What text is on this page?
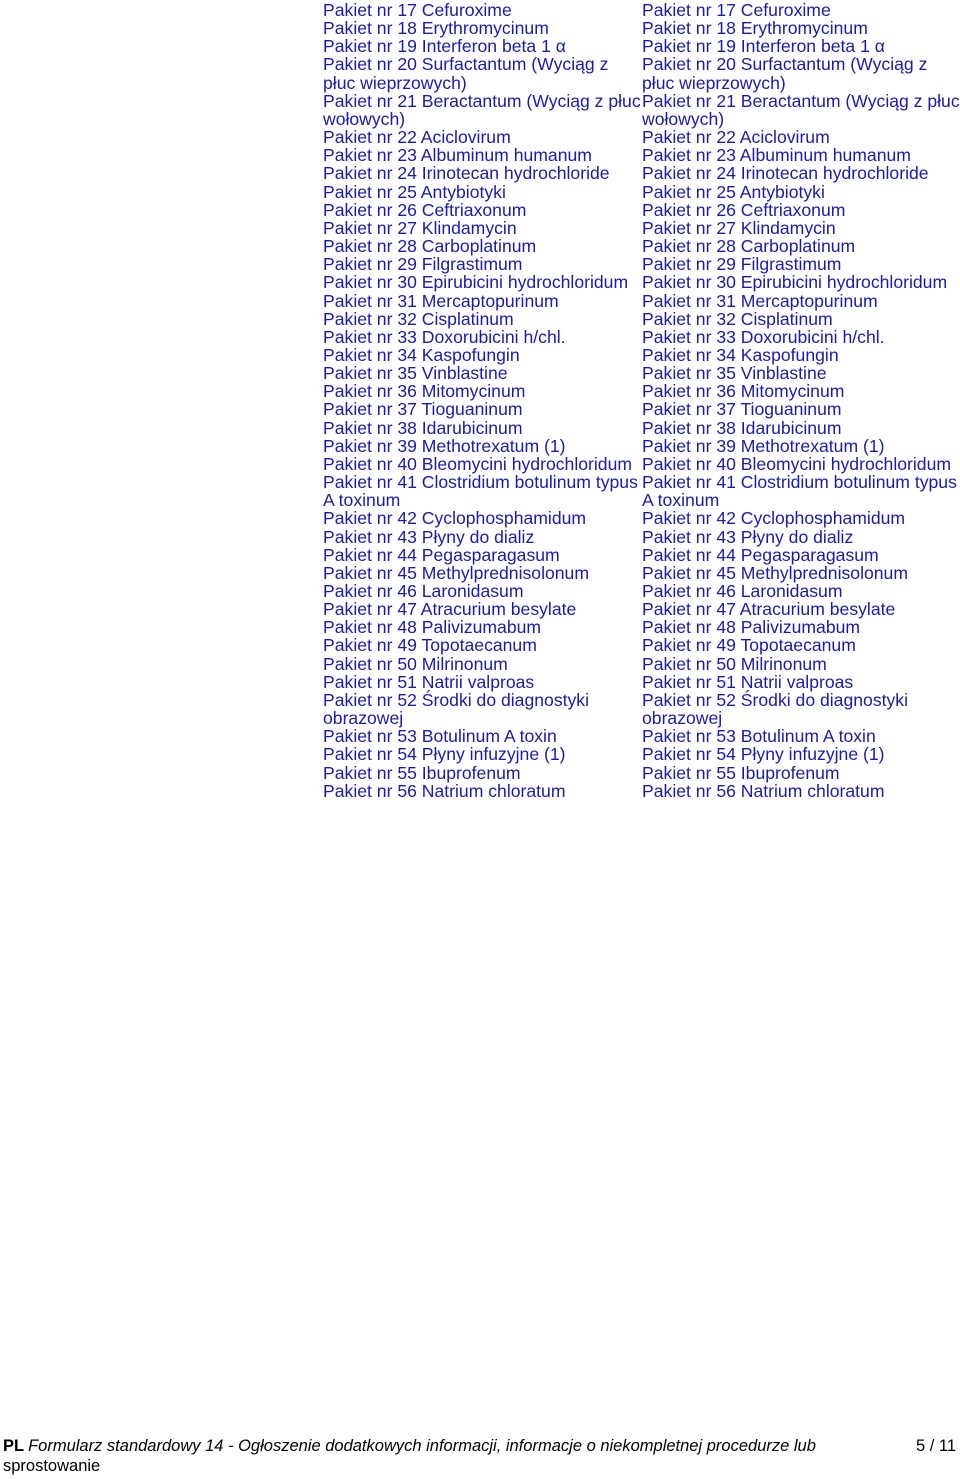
Pakiet nr 17 Cefuroxime
Pakiet nr 18 Erythromycinum
Pakiet nr 19 Interferon beta 1 α
Pakiet nr 20 Surfactantum (Wyciąg z płuc wieprzowych)
Pakiet nr 21 Beractantum (Wyciąg z płuc wołowych)
Pakiet nr 22 Aciclovirum
Pakiet nr 23 Albuminum humanum
Pakiet nr 24 Irinotecan hydrochloride
Pakiet nr 25 Antybiotyki
Pakiet nr 26 Ceftriaxonum
Pakiet nr 27 Klindamycin
Pakiet nr 28 Carboplatinum
Pakiet nr 29 Filgrastimum
Pakiet nr 30 Epirubicini hydrochloridum
Pakiet nr 31 Mercaptopurinum
Pakiet nr 32 Cisplatinum
Pakiet nr 33 Doxorubicini h/chl.
Pakiet nr 34 Kaspofungin
Pakiet nr 35 Vinblastine
Pakiet nr 36 Mitomycinum
Pakiet nr 37 Tioguaninum
Pakiet nr 38 Idarubicinum
Pakiet nr 39 Methotrexatum (1)
Pakiet nr 40 Bleomycini hydrochloridum
Pakiet nr 41 Clostridium botulinum typus A toxinum
Pakiet nr 42 Cyclophosphamidum
Pakiet nr 43 Płyny do dializ
Pakiet nr 44 Pegasparagasum
Pakiet nr 45 Methylprednisolonum
Pakiet nr 46 Laronidasum
Pakiet nr 47 Atracurium besylate
Pakiet nr 48 Palivizumabum
Pakiet nr 49 Topotaecanum
Pakiet nr 50 Milrinonum
Pakiet nr 51 Natrii valproas
Pakiet nr 52 Środki do diagnostyki obrazowej
Pakiet nr 53 Botulinum A toxin
Pakiet nr 54 Płyny infuzyjne (1)
Pakiet nr 55 Ibuprofenum
Pakiet nr 56 Natrium chloratum
Pakiet nr 17 Cefuroxime
Pakiet nr 18 Erythromycinum
Pakiet nr 19 Interferon beta 1 α
Pakiet nr 20 Surfactantum (Wyciąg z płuc wieprzowych)
Pakiet nr 21 Beractantum (Wyciąg z płuc wołowych)
Pakiet nr 22 Aciclovirum
Pakiet nr 23 Albuminum humanum
Pakiet nr 24 Irinotecan hydrochloride
Pakiet nr 25 Antybiotyki
Pakiet nr 26 Ceftriaxonum
Pakiet nr 27 Klindamycin
Pakiet nr 28 Carboplatinum
Pakiet nr 29 Filgrastimum
Pakiet nr 30 Epirubicini hydrochloridum
Pakiet nr 31 Mercaptopurinum
Pakiet nr 32 Cisplatinum
Pakiet nr 33 Doxorubicini h/chl.
Pakiet nr 34 Kaspofungin
Pakiet nr 35 Vinblastine
Pakiet nr 36 Mitomycinum
Pakiet nr 37 Tioguaninum
Pakiet nr 38 Idarubicinum
Pakiet nr 39 Methotrexatum (1)
Pakiet nr 40 Bleomycini hydrochloridum
Pakiet nr 41 Clostridium botulinum typus A toxinum
Pakiet nr 42 Cyclophosphamidum
Pakiet nr 43 Płyny do dializ
Pakiet nr 44 Pegasparagasum
Pakiet nr 45 Methylprednisolonum
Pakiet nr 46 Laronidasum
Pakiet nr 47 Atracurium besylate
Pakiet nr 48 Palivizumabum
Pakiet nr 49 Topotaecanum
Pakiet nr 50 Milrinonum
Pakiet nr 51 Natrii valproas
Pakiet nr 52 Środki do diagnostyki obrazowej
Pakiet nr 53 Botulinum A toxin
Pakiet nr 54 Płyny infuzyjne (1)
Pakiet nr 55 Ibuprofenum
Pakiet nr 56 Natrium chloratum
PL Formularz standardowy 14 - Ogłoszenie dodatkowych informacji, informacje o niekompletnej procedurze lub	5 / 11
sprostowanie
